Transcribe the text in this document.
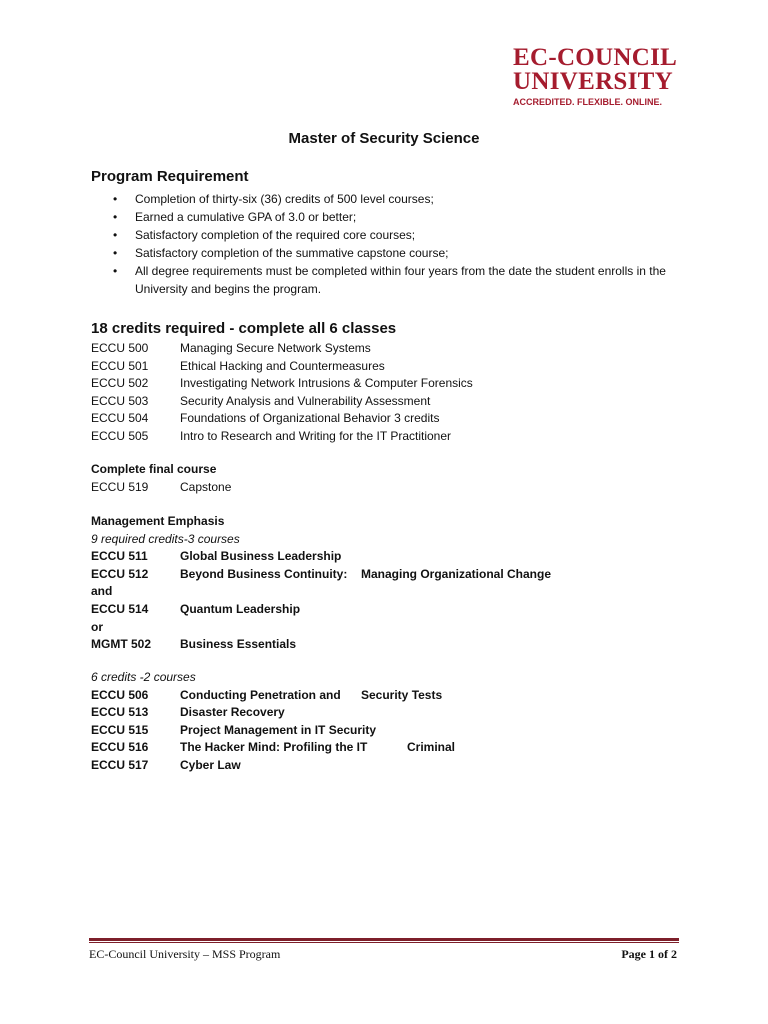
EC-COUNCIL
UNIVERSITY
ACCREDITED. FLEXIBLE. ONLINE.
Master of Security Science
Program Requirement
• Completion of thirty-six (36) credits of 500 level courses;
• Earned a cumulative GPA of 3.0 or better;
• Satisfactory completion of the required core courses;
• Satisfactory completion of the summative capstone course;
• All degree requirements must be completed within four years from the date the student enrolls in the University and begins the program.
18 credits required - complete all 6 classes
ECCU 500	Managing Secure Network Systems
ECCU 501	Ethical Hacking and Countermeasures
ECCU 502	Investigating Network Intrusions & Computer Forensics
ECCU 503	Security Analysis and Vulnerability Assessment
ECCU 504	Foundations of Organizational Behavior 3 credits
ECCU 505	Intro to Research and Writing for the IT Practitioner
Complete final course
ECCU 519	Capstone
Management Emphasis
9 required credits-3 courses
ECCU 511	Global Business Leadership
ECCU 512	Beyond Business Continuity: Managing Organizational Change
and
ECCU 514	Quantum Leadership
or
MGMT 502 Business Essentials
6 credits -2 courses
ECCU 506	Conducting Penetration and Security Tests
ECCU 513	Disaster Recovery
ECCU 515	Project Management in IT Security
ECCU 516	The Hacker Mind: Profiling the IT	Criminal
ECCU 517	Cyber Law
EC-Council University – MSS Program	Page 1 of 2
